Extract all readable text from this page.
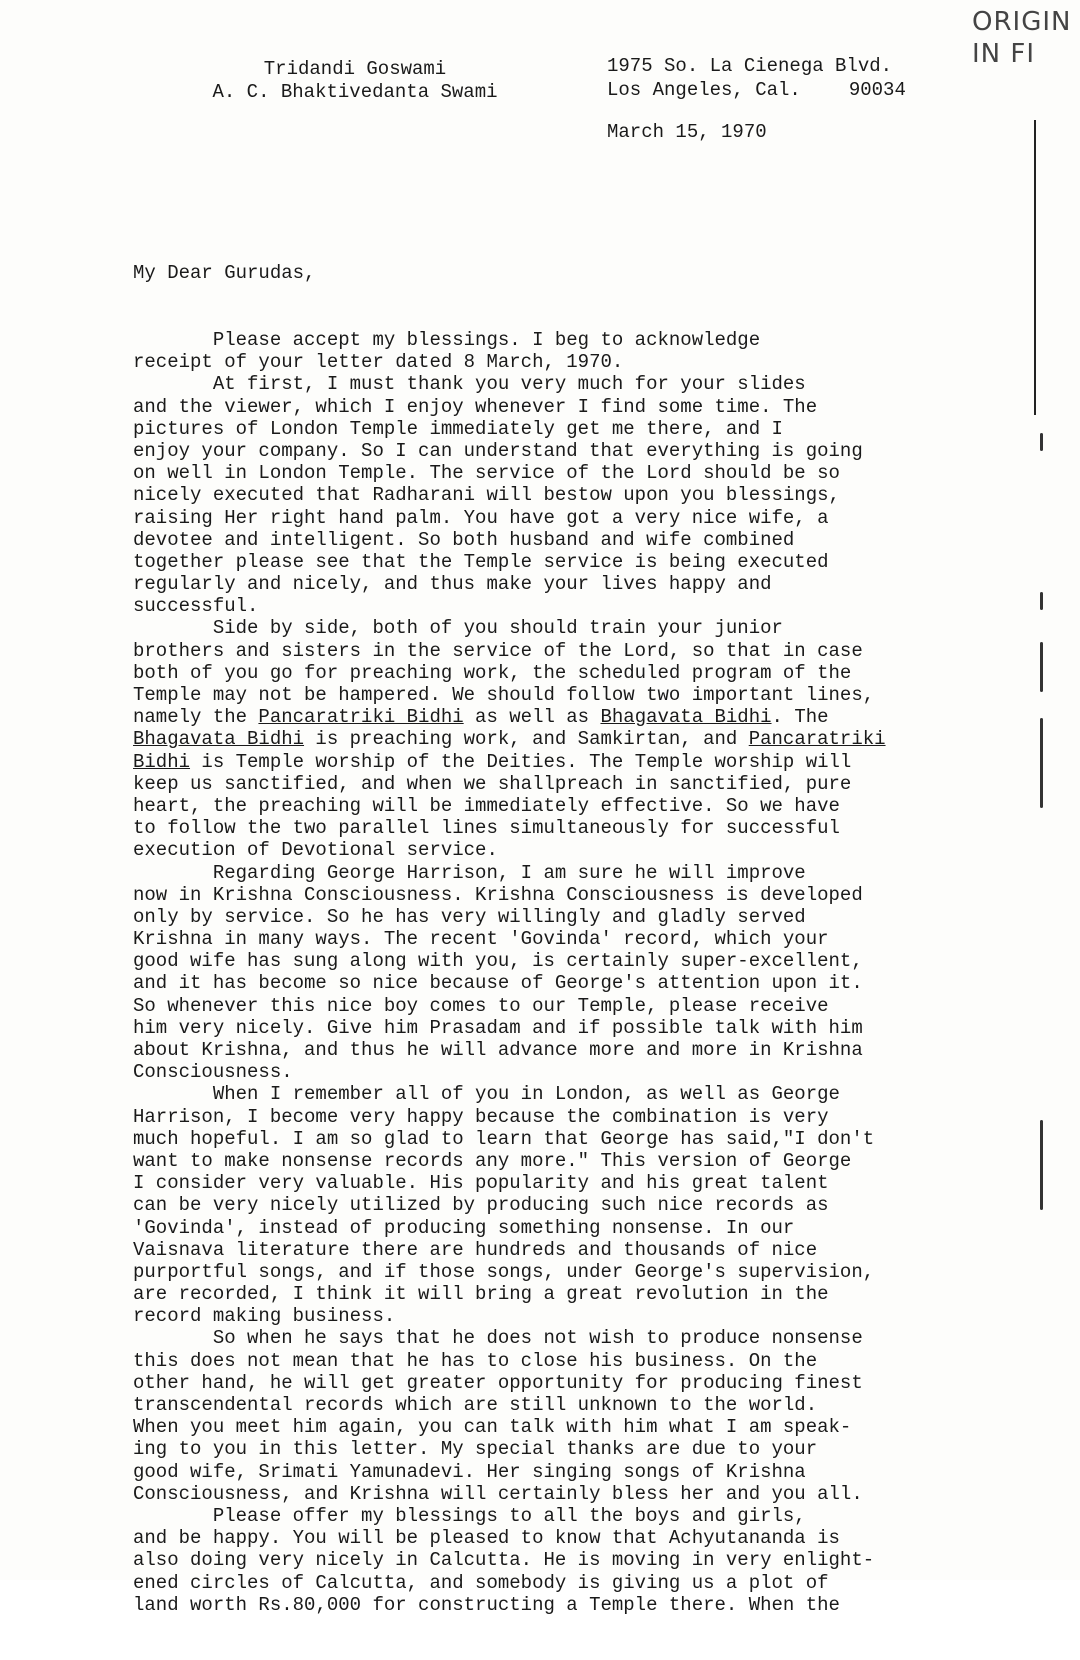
ORIGIN
IN FI
Tridandi Goswami
A. C. Bhaktivedanta Swami
1975 So. La Cienega Blvd.
Los Angeles, Cal.	90034
March 15, 1970

My Dear Gurudas,

Please accept my blessings. I beg to acknowledge
receipt of your letter dated 8 March, 1970.
At first, I must thank you very much for your slides
and the viewer, which I enjoy whenever I find some time. The
pictures of London Temple immediately get me there, and I
enjoy your company. So I can understand that everything is going
on well in London Temple. The service of the Lord should be so
nicely executed that Radharani will bestow upon you blessings,
raising Her right hand palm. You have got a very nice wife, a
devotee and intelligent. So both husband and wife combined
together please see that the Temple service is being executed
regularly and nicely, and thus make your lives happy and
successful.
Side by side, both of you should train your junior
brothers and sisters in the service of the Lord, so that in case
both of you go for preaching work, the scheduled program of the
Temple may not be hampered. We should follow two important lines,
namely the Pancaratriki Bidhi as well as Bhagavata Bidhi. The
Bhagavata Bidhi is preaching work, and Samkirtan, and Pancaratriki
Bidhi is Temple worship of the Deities. The Temple worship will
keep us sanctified, and when we shallpreach in sanctified, pure
heart, the preaching will be immediately effective. So we have
to follow the two parallel lines simultaneously for successful
execution of Devotional service.
Regarding George Harrison, I am sure he will improve
now in Krishna Consciousness. Krishna Consciousness is developed
only by service. So he has very willingly and gladly served
Krishna in many ways. The recent 'Govinda' record, which your
good wife has sung along with you, is certainly super-excellent,
and it has become so nice because of George's attention upon it.
So whenever this nice boy comes to our Temple, please receive
him very nicely. Give him Prasadam and if possible talk with him
about Krishna, and thus he will advance more and more in Krishna
Consciousness.
When I remember all of you in London, as well as George
Harrison, I become very happy because the combination is very
much hopeful. I am so glad to learn that George has said,"I don't
want to make nonsense records any more." This version of George
I consider very valuable. His popularity and his great talent
can be very nicely utilized by producing such nice records as
'Govinda', instead of producing something nonsense. In our
Vaisnava literature there are hundreds and thousands of nice
purportful songs, and if those songs, under George's supervision,
are recorded, I think it will bring a great revolution in the
record making business.
So when he says that he does not wish to produce nonsense
this does not mean that he has to close his business. On the
other hand, he will get greater opportunity for producing finest
transcendental records which are still unknown to the world.
When you meet him again, you can talk with him what I am speak-
ing to you in this letter. My special thanks are due to your
good wife, Srimati Yamunadevi. Her singing songs of Krishna
Consciousness, and Krishna will certainly bless her and you all.
Please offer my blessings to all the boys and girls,
and be happy. You will be pleased to know that Achyutananda is
also doing very nicely in Calcutta. He is moving in very enlight-
ened circles of Calcutta, and somebody is giving us a plot of
land worth Rs.80,000 for constructing a Temple there. When the
